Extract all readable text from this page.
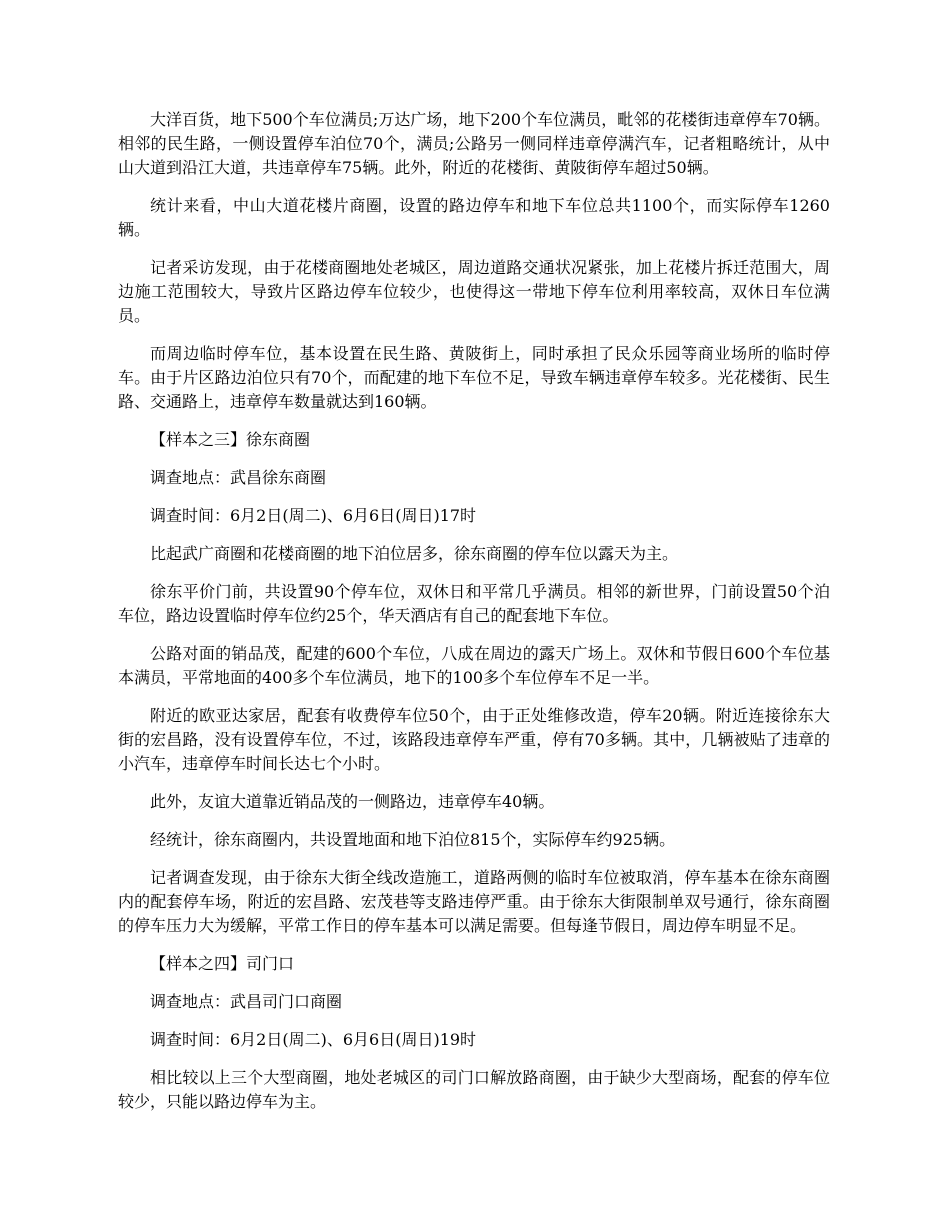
大洋百货，地下500个车位满员;万达广场，地下200个车位满员，毗邻的花楼街违章停车70辆。相邻的民生路，一侧设置停车泊位70个，满员;公路另一侧同样违章停满汽车，记者粗略统计，从中山大道到沿江大道，共违章停车75辆。此外，附近的花楼街、黄陂街停车超过50辆。

统计来看，中山大道花楼片商圈，设置的路边停车和地下车位总共1100个，而实际停车1260辆。

记者采访发现，由于花楼商圈地处老城区，周边道路交通状况紧张，加上花楼片拆迁范围大，周边施工范围较大，导致片区路边停车位较少，也使得这一带地下停车位利用率较高，双休日车位满员。

而周边临时停车位，基本设置在民生路、黄陂街上，同时承担了民众乐园等商业场所的临时停车。由于片区路边泊位只有70个，而配建的地下车位不足，导致车辆违章停车较多。光花楼街、民生路、交通路上，违章停车数量就达到160辆。

【样本之三】徐东商圈

调查地点：武昌徐东商圈

调查时间：6月2日(周二)、6月6日(周日)17时

比起武广商圈和花楼商圈的地下泊位居多，徐东商圈的停车位以露天为主。

徐东平价门前，共设置90个停车位，双休日和平常几乎满员。相邻的新世界，门前设置50个泊车位，路边设置临时停车位约25个，华天酒店有自己的配套地下车位。

公路对面的销品茂，配建的600个车位，八成在周边的露天广场上。双休和节假日600个车位基本满员，平常地面的400多个车位满员，地下的100多个车位停车不足一半。

附近的欧亚达家居，配套有收费停车位50个，由于正处维修改造，停车20辆。附近连接徐东大街的宏昌路，没有设置停车位，不过，该路段违章停车严重，停有70多辆。其中，几辆被贴了违章的小汽车，违章停车时间长达七个小时。

此外，友谊大道靠近销品茂的一侧路边，违章停车40辆。

经统计，徐东商圈内，共设置地面和地下泊位815个，实际停车约925辆。

记者调查发现，由于徐东大街全线改造施工，道路两侧的临时车位被取消，停车基本在徐东商圈内的配套停车场，附近的宏昌路、宏茂巷等支路违停严重。由于徐东大街限制单双号通行，徐东商圈的停车压力大为缓解，平常工作日的停车基本可以满足需要。但每逢节假日，周边停车明显不足。

【样本之四】司门口

调查地点：武昌司门口商圈

调查时间：6月2日(周二)、6月6日(周日)19时

相比较以上三个大型商圈，地处老城区的司门口解放路商圈，由于缺少大型商场，配套的停车位较少，只能以路边停车为主。
